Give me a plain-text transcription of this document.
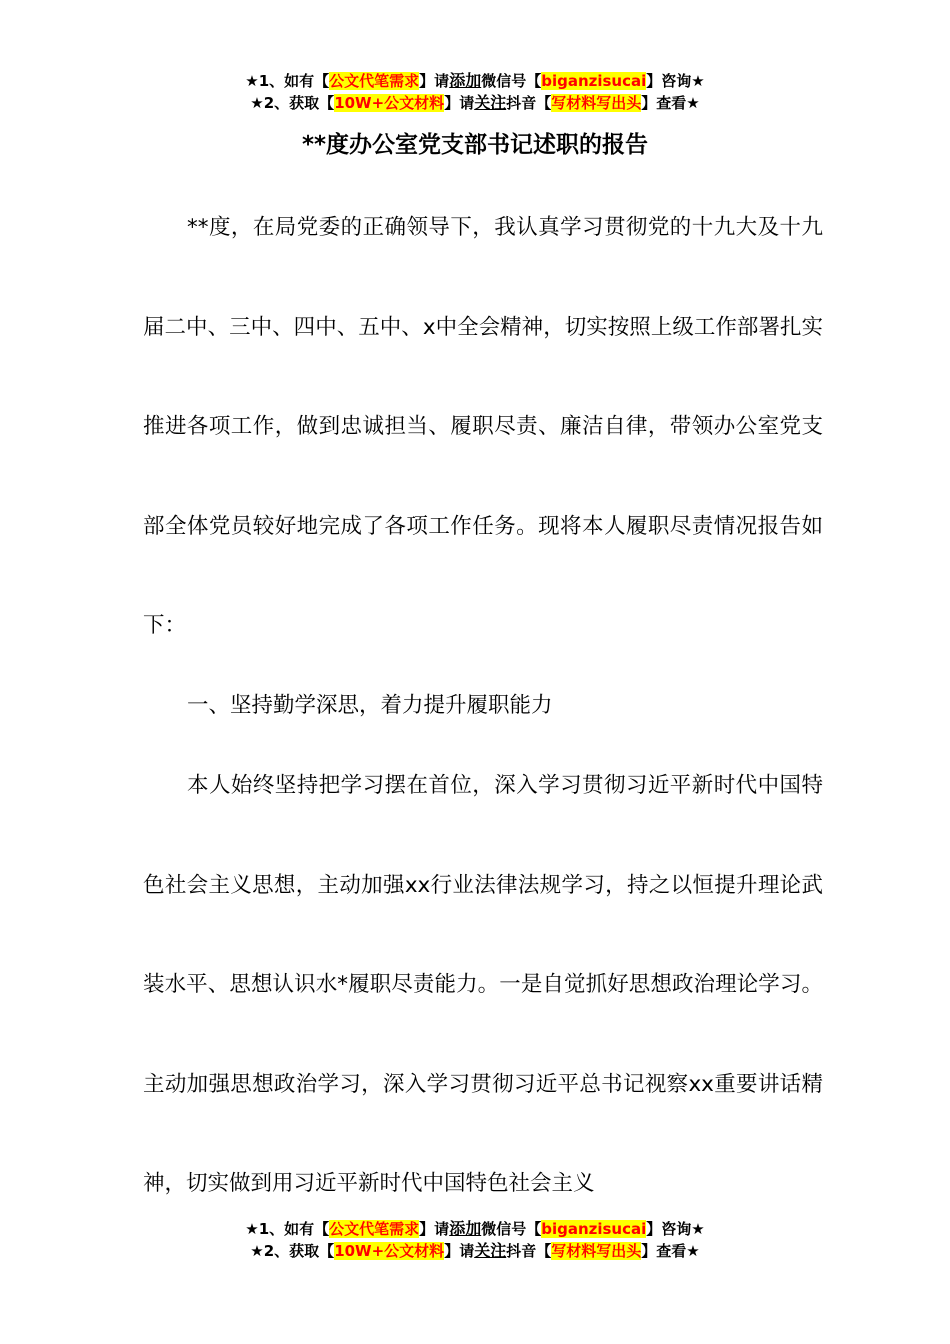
★1、如有【公文代笔需求】请添加微信号【biganzisucai】咨询★
★2、获取【10W+公文材料】请关注抖音【写材料写出头】查看★
**度办公室党支部书记述职的报告

**度，在局党委的正确领导下，我认真学习贯彻党的十九大及十九届二中、三中、四中、五中、x中全会精神，切实按照上级工作部署扎实推进各项工作，做到忠诚担当、履职尽责、廉洁自律，带领办公室党支部全体党员较好地完成了各项工作任务。现将本人履职尽责情况报告如下：

一、坚持勤学深思，着力提升履职能力

本人始终坚持把学习摆在首位，深入学习贯彻习近平新时代中国特色社会主义思想，主动加强xx行业法律法规学习，持之以恒提升理论武装水平、思想认识水*履职尽责能力。一是自觉抓好思想政治理论学习。主动加强思想政治学习，深入学习贯彻习近平总书记视察xx重要讲话精神，切实做到用习近平新时代中国特色社会主义

★1、如有【公文代笔需求】请添加微信号【biganzisucai】咨询★
★2、获取【10W+公文材料】请关注抖音【写材料写出头】查看★
